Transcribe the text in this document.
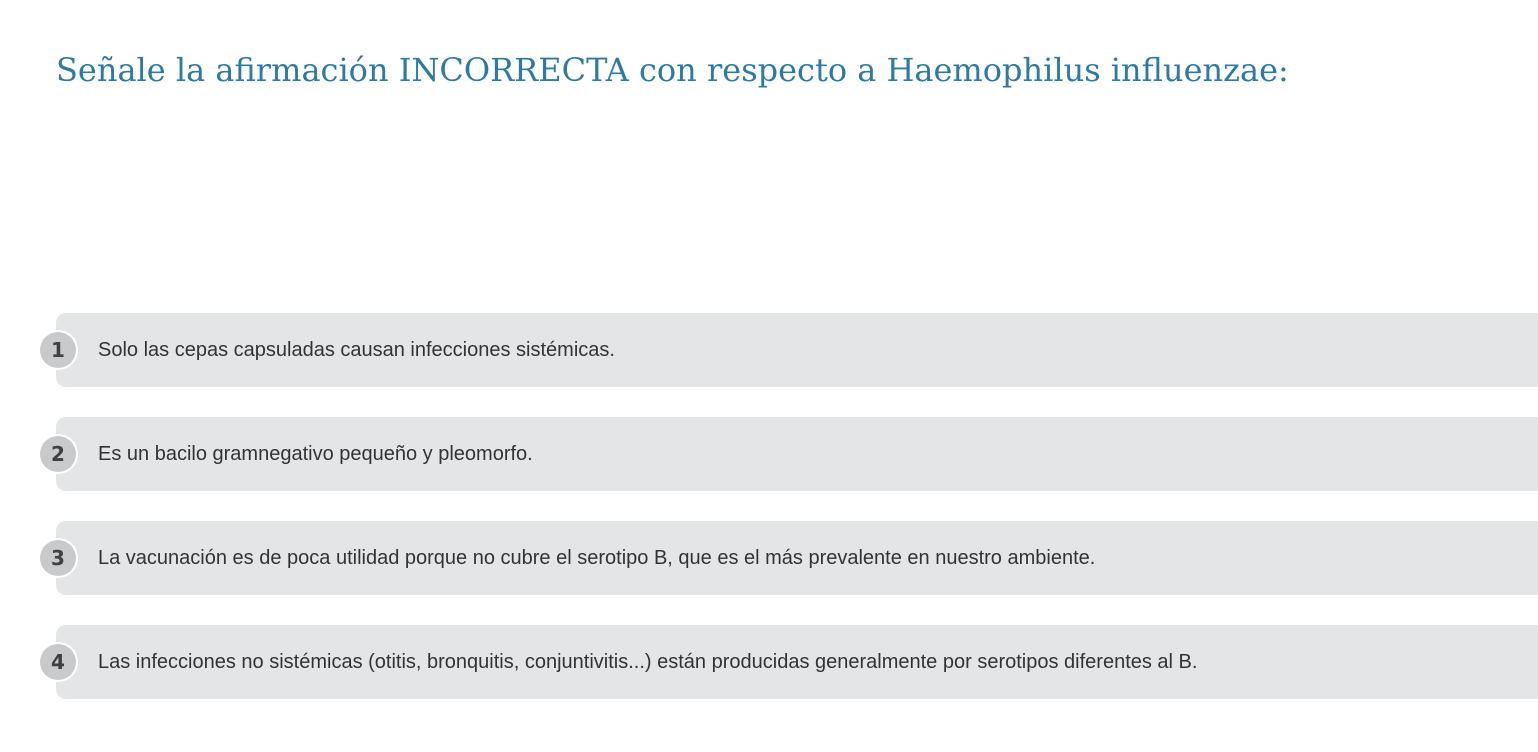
Señale la afirmación INCORRECTA con respecto a Haemophilus influenzae:
1	Solo las cepas capsuladas causan infecciones sistémicas.
2	Es un bacilo gramnegativo pequeño y pleomorfo.
3	La vacunación es de poca utilidad porque no cubre el serotipo B, que es el más prevalente en nuestro ambiente.
4	Las infecciones no sistémicas (otitis, bronquitis, conjuntivitis...) están producidas generalmente por serotipos diferentes al B.
